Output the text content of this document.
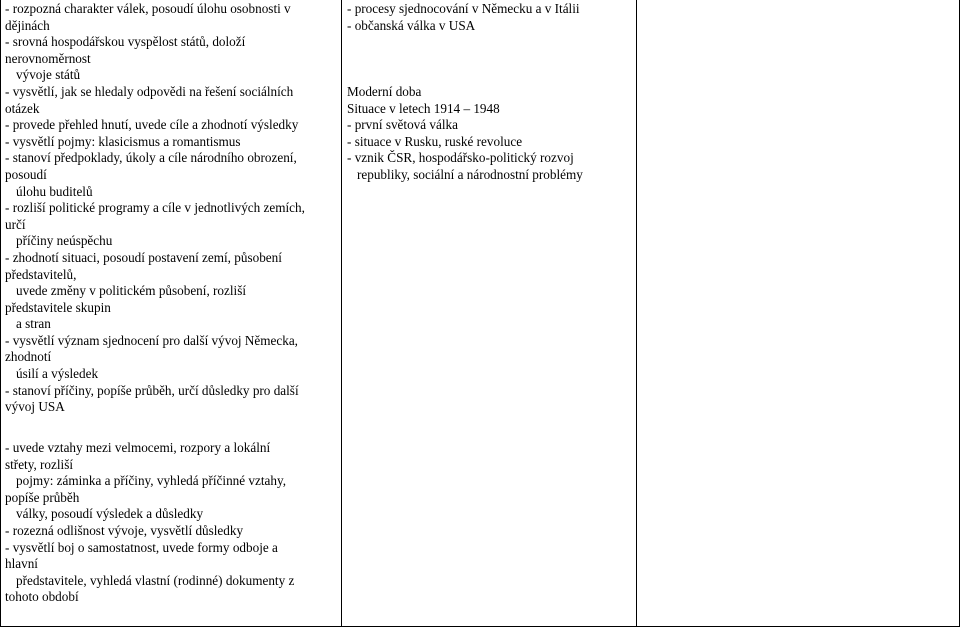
- rozpozná charakter válek, posoudí úlohu osobnosti v
dějinách
- srovná hospodářskou vyspělost států, doloží
nerovnoměrnost
vývoje států
- vysvětlí, jak se hledaly odpovědi na řešení sociálních
otázek
- provede přehled hnutí, uvede cíle a zhodnotí výsledky
- vysvětlí pojmy: klasicismus a romantismus
- stanoví předpoklady, úkoly a cíle národního obrození,
posoudí
úlohu buditelů
- rozliší politické programy a cíle v jednotlivých zemích,
určí
příčiny neúspěchu
- zhodnotí situaci, posoudí postavení zemí, působení
představitelů,
uvede změny v politickém působení, rozliší
představitele skupin
a stran
- vysvětlí význam sjednocení pro další vývoj Německa,
zhodnotí
úsilí a výsledek
- stanoví příčiny, popíše průběh, určí důsledky pro další
vývoj USA
- uvede vztahy mezi velmocemi, rozpory a lokální
střety, rozliší
pojmy: záminka a příčiny, vyhledá příčinné vztahy,
popíše průběh
války, posoudí výsledek a důsledky
- rozezná odlišnost vývoje, vysvětlí důsledky
- vysvětlí boj o samostatnost, uvede formy odboje a
hlavní
představitele, vyhledá vlastní (rodinné) dokumenty z
tohoto období
- procesy sjednocování v Německu a v Itálii
- občanská válka v USA
Moderní doba
Situace v letech 1914 – 1948
- první světová válka
- situace v Rusku, ruské revoluce
- vznik ČSR, hospodářsko-politický rozvoj
republiky, sociální a národnostní problémy
